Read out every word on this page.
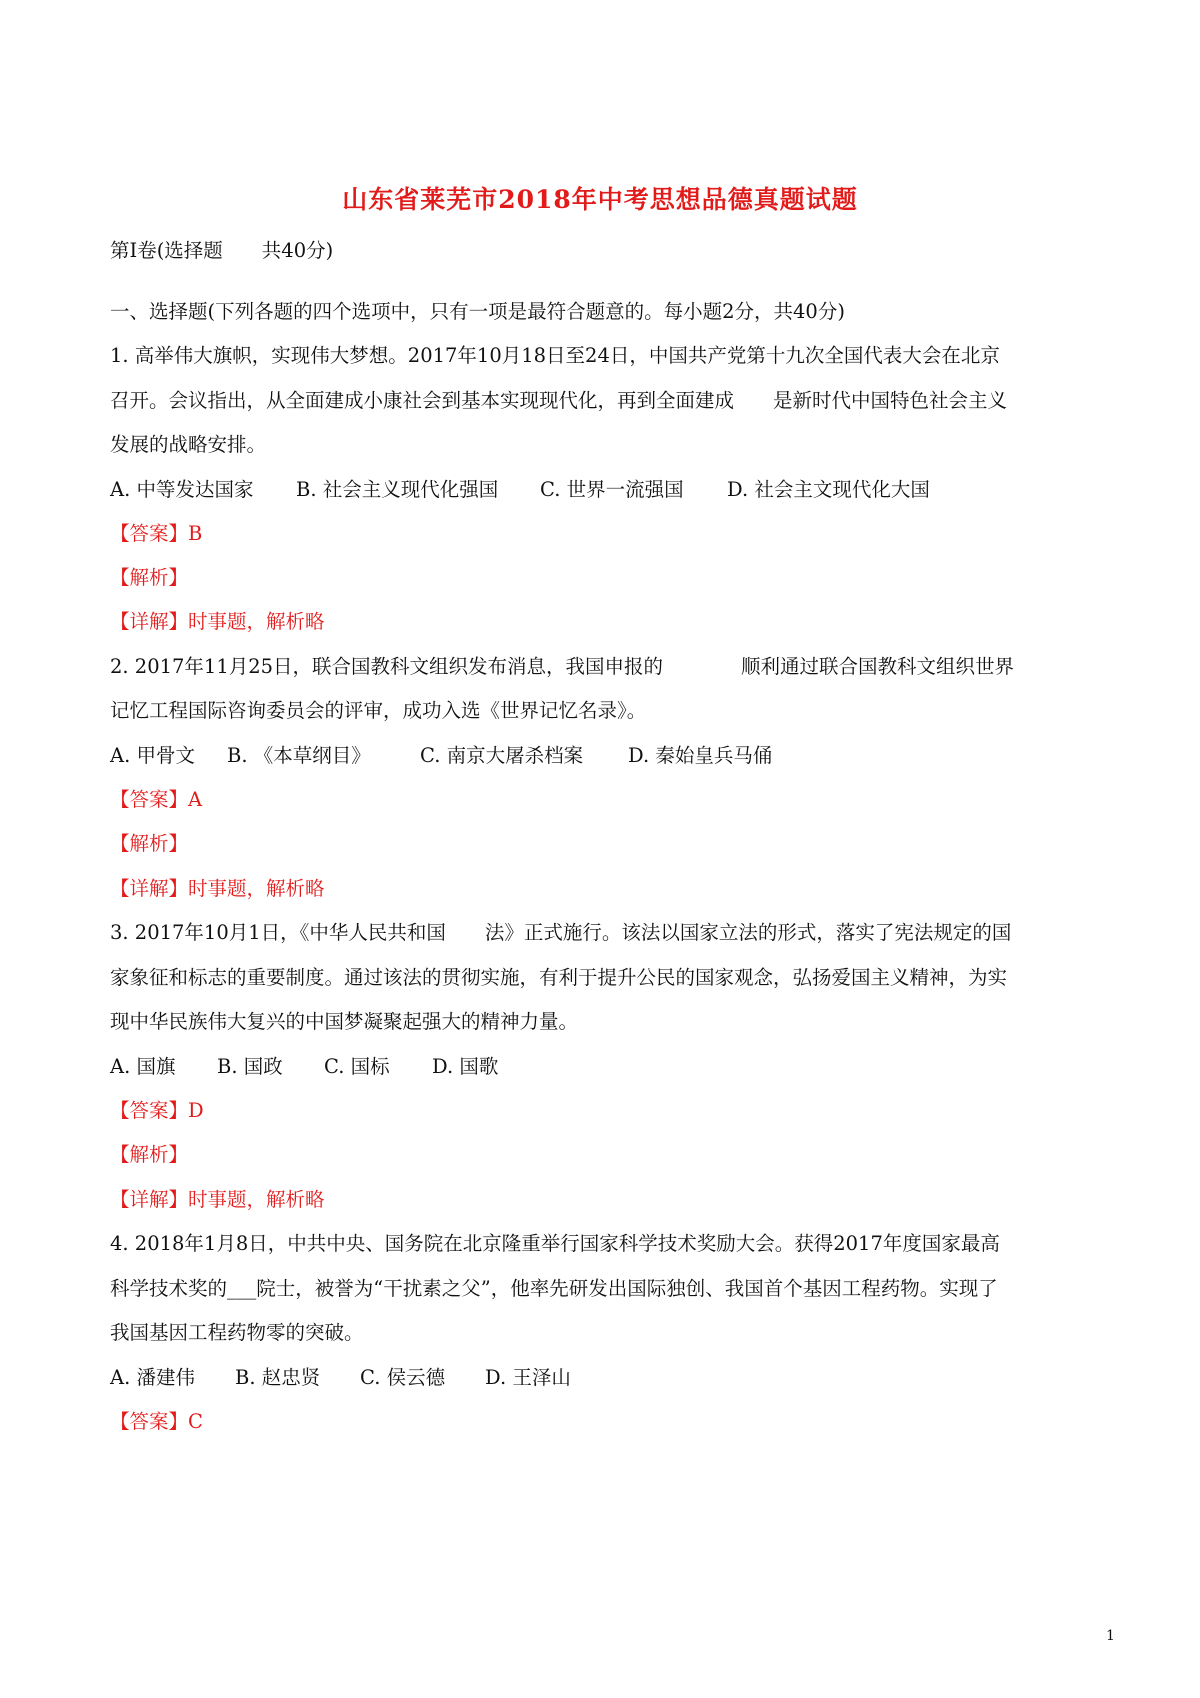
山东省莱芜市2018年中考思想品德真题试题
第Ⅰ卷(选择题　　共40分)
一、选择题(下列各题的四个选项中，只有一项是最符合题意的。每小题2分，共40分)
1. 高举伟大旗帜，实现伟大梦想。2017年10月18日至24日，中国共产党第十九次全国代表大会在北京
召开。会议指出，从全面建成小康社会到基本实现现代化，再到全面建成　　是新时代中国特色社会主义
发展的战略安排。
A. 中等发达国家 B. 社会主义现代化强国 C. 世界一流强国 D. 社会主文现代化大国
【答案】B
【解析】
【详解】时事题，解析略
2. 2017年11月25日，联合国教科文组织发布消息，我国申报的　　　　顺利通过联合国教科文组织世界
记忆工程国际咨询委员会的评审，成功入选《世界记忆名录》。
A. 甲骨文 B. 《本草纲目》	C. 南京大屠杀档案 D. 秦始皇兵马俑
【答案】A
【解析】
【详解】时事题，解析略
3. 2017年10月1日，《中华人民共和国　　法》正式施行。该法以国家立法的形式，落实了宪法规定的国
家象征和标志的重要制度。通过该法的贯彻实施，有利于提升公民的国家观念，弘扬爱国主义精神，为实
现中华民族伟大复兴的中国梦凝聚起强大的精神力量。
A. 国旗 B. 国政 C. 国标 D. 国歌
【答案】D
【解析】
【详解】时事题，解析略
4. 2018年1月8日，中共中央、国务院在北京隆重举行国家科学技术奖励大会。获得2017年度国家最高
科学技术奖的___院士，被誉为“干扰素之父”，他率先研发出国际独创、我国首个基因工程药物。实现了
我国基因工程药物零的突破。
A. 潘建伟 B. 赵忠贤 C. 侯云德 D. 王泽山
【答案】C
1
